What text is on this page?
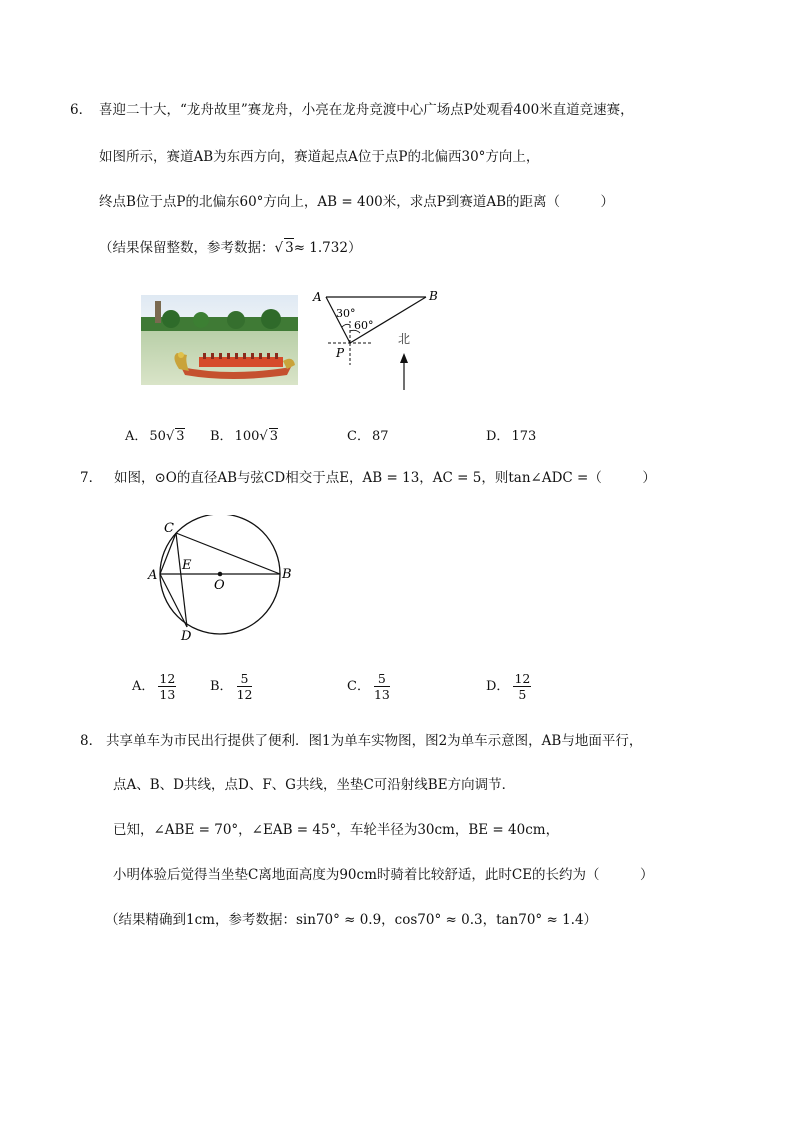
6． 喜迎二十大，“龙舟故里”赛龙舟，小亮在龙舟竞渡中心广场点P处观看400米直道竞速赛，
如图所示，赛道AB为东西方向，赛道起点A位于点P的北偏西30°方向上，
终点B位于点P的北偏东60°方向上，AB = 400米，求点P到赛道AB的距离（　　　）
（结果保留整数，参考数据：√ 3≈ 1.732）
A	B
P
30°
60°
北
A． 50√ 3 B． 100√ 3	C． 87	D． 173
7． 如图，⊙O的直径AB与弦CD相交于点E，AB = 13，AC = 5，则tan∠ADC =（　　　）
C
E
A
O
B
D
A． $\frac{12}{13}$	B． $\frac{5}{12}$	C． $\frac{5}{13}$	D． $\frac{12}{5}$
8． 共享单车为市民出行提供了便利．图1为单车实物图，图2为单车示意图，AB与地面平行，
点A、B、D共线，点D、F、G共线，坐垫C可沿射线BE方向调节．
已知，∠ABE = 70°，∠EAB = 45°，车轮半径为30cm，BE = 40cm，
小明体验后觉得当坐垫C离地面高度为90cm时骑着比较舒适，此时CE的长约为（　　　）
（结果精确到1cm，参考数据：sin70° ≈ 0.9，cos70° ≈ 0.3，tan70° ≈ 1.4）
